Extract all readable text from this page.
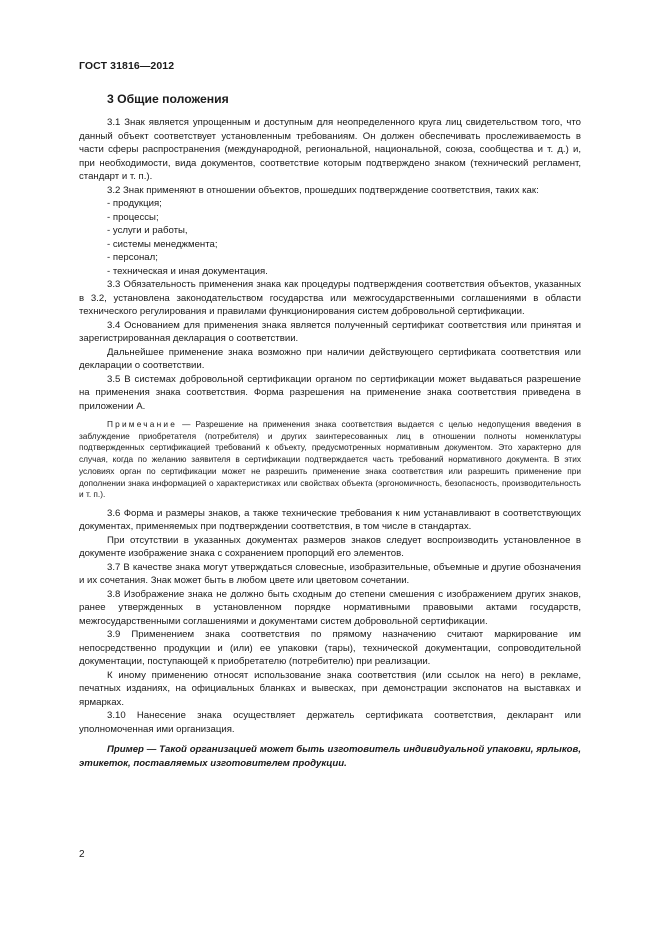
ГОСТ 31816—2012
3 Общие положения

3.1 Знак является упрощенным и доступным для неопределенного круга лиц свидетельством того, что данный объект соответствует установленным требованиям. Он должен обеспечивать прослеживаемость в части сферы распространения (международной, региональной, национальной, союза, сообщества и т. д.) и, при необходимости, вида документов, соответствие которым подтверждено знаком (технический регламент, стандарт и т. п.).

3.2 Знак применяют в отношении объектов, прошедших подтверждение соответствия, таких как:

- продукция;
- процессы;
- услуги и работы,
- системы менеджмента;
- персонал;
- техническая и иная документация.

3.3 Обязательность применения знака как процедуры подтверждения соответствия объектов, указанных в 3.2, установлена законодательством государства или межгосударственными соглашениями в области технического регулирования и правилами функционирования систем добровольной сертификации.

3.4 Основанием для применения знака является полученный сертификат соответствия или принятая и зарегистрированная декларация о соответствии.

Дальнейшее применение знака возможно при наличии действующего сертификата соответствия или декларации о соответствии.

3.5 В системах добровольной сертификации органом по сертификации может выдаваться разрешение на применения знака соответствия. Форма разрешения на применение знака соответствия приведена в приложении А.

Примечание — Разрешение на применения знака соответствия выдается с целью недопущения введения в заблуждение приобретателя (потребителя) и других заинтересованных лиц в отношении полноты номенклатуры подтвержденных сертификацией требований к объекту, предусмотренных нормативным документом. Это характерно для случая, когда по желанию заявителя в сертификации подтверждается часть требований нормативного документа. В этих условиях орган по сертификации может не разрешить применение знака соответствия или разрешить применение при дополнении знака информацией о характеристиках или свойствах объекта (эргономичность, безопасность, производительность и т. п.).

3.6 Форма и размеры знаков, а также технические требования к ним устанавливают в соответствующих документах, применяемых при подтверждении соответствия, в том числе в стандартах.

При отсутствии в указанных документах размеров знаков следует воспроизводить установленное в документе изображение знака с сохранением пропорций его элементов.

3.7 В качестве знака могут утверждаться словесные, изобразительные, объемные и другие обозначения и их сочетания. Знак может быть в любом цвете или цветовом сочетании.

3.8 Изображение знака не должно быть сходным до степени смешения с изображением других знаков, ранее утвержденных в установленном порядке нормативными правовыми актами государств, межгосударственными соглашениями и документами систем добровольной сертификации.

3.9 Применением знака соответствия по прямому назначению считают маркирование им непосредственно продукции и (или) ее упаковки (тары), технической документации, сопроводительной документации, поступающей к приобретателю (потребителю) при реализации.

К иному применению относят использование знака соответствия (или ссылок на него) в рекламе, печатных изданиях, на официальных бланках и вывесках, при демонстрации экспонатов на выставках и ярмарках.

3.10 Нанесение знака осуществляет держатель сертификата соответствия, декларант или уполномоченная ими организация.

Пример — Такой организацией может быть изготовитель индивидуальной упаковки, ярлыков, этикеток, поставляемых изготовителем продукции.

2
